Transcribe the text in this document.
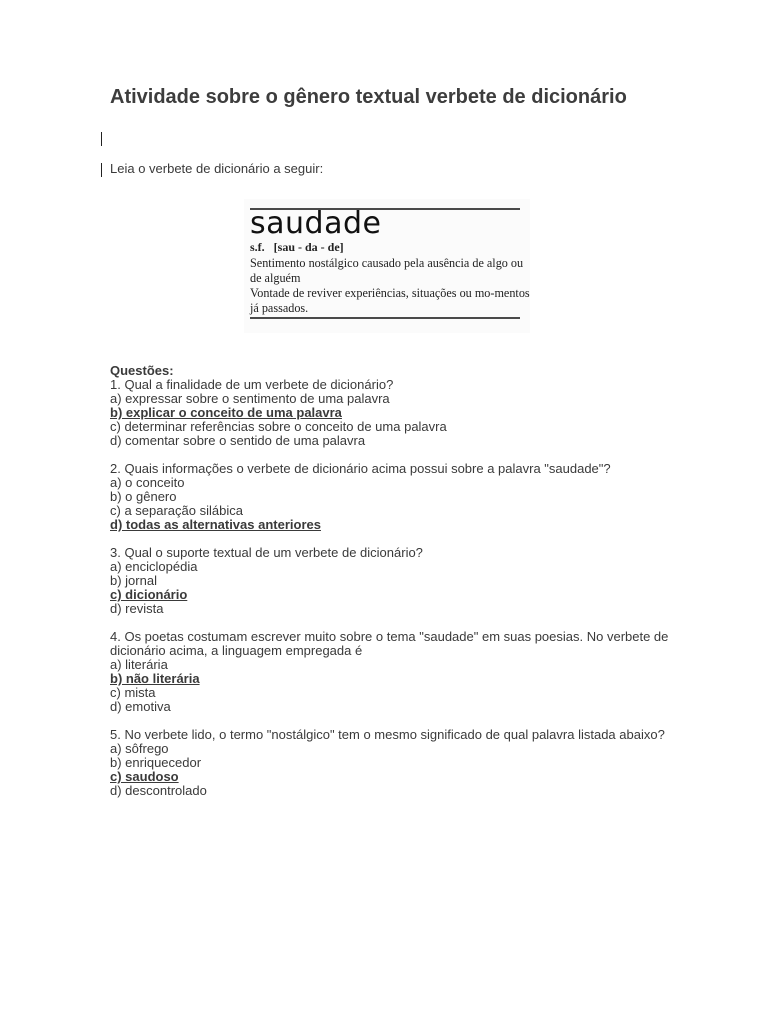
Atividade sobre o gênero textual verbete de dicionário
Leia o verbete de dicionário a seguir:
saudade
s.f.   [sau - da - de]
Sentimento nostálgico causado pela ausência de algo ou de alguém
Vontade de reviver experiências, situações ou mo-mentos já passados.
Questões:
1. Qual a finalidade de um verbete de dicionário?
a) expressar sobre o sentimento de uma palavra
b) explicar o conceito de uma palavra
c) determinar referências sobre o conceito de uma palavra
d) comentar sobre o sentido de uma palavra
2. Quais informações o verbete de dicionário acima possui sobre a palavra "saudade"?
a) o conceito
b) o gênero
c) a separação silábica
d) todas as alternativas anteriores
3. Qual o suporte textual de um verbete de dicionário?
a) enciclopédia
b) jornal
c) dicionário
d) revista
4. Os poetas costumam escrever muito sobre o tema "saudade" em suas poesias. No verbete de dicionário acima, a linguagem empregada é
a) literária
b) não literária
c) mista
d) emotiva
5. No verbete lido, o termo "nostálgico" tem o mesmo significado de qual palavra listada abaixo?
a) sôfrego
b) enriquecedor
c) saudoso
d) descontrolado
